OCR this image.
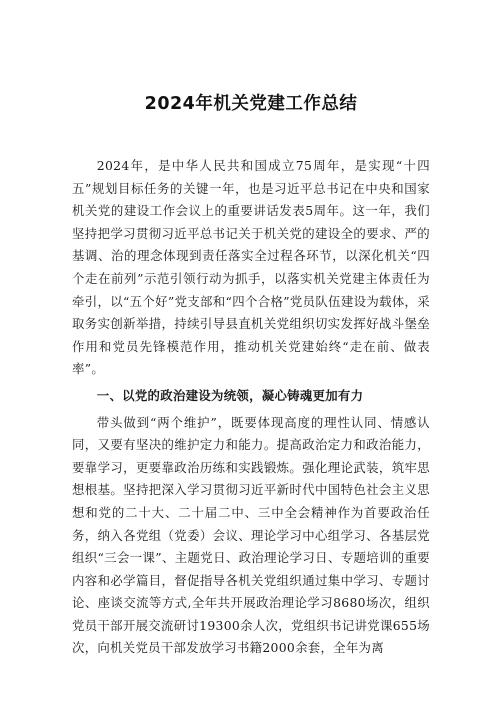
2024年机关党建工作总结

2024年，是中华人民共和国成立75周年，是实现“十四五”规划目标任务的关键一年，也是习近平总书记在中央和国家机关党的建设工作会议上的重要讲话发表5周年。这一年，我们坚持把学习贯彻习近平总书记关于机关党的建设全的要求、严的基调、治的理念体现到责任落实全过程各环节，以深化机关“四个走在前列”示范引领行动为抓手，以落实机关党建主体责任为牵引，以“五个好”党支部和“四个合格”党员队伍建设为载体，采取务实创新举措，持续引导县直机关党组织切实发挥好战斗堡垒作用和党员先锋模范作用，推动机关党建始终“走在前、做表率”。

一、以党的政治建设为统领，凝心铸魂更加有力

带头做到“两个维护”，既要体现高度的理性认同、情感认同，又要有坚决的维护定力和能力。提高政治定力和政治能力，要靠学习，更要靠政治历练和实践锻炼。强化理论武装，筑牢思想根基。坚持把深入学习贯彻习近平新时代中国特色社会主义思想和党的二十大、二十届二中、三中全会精神作为首要政治任务，纳入各党组（党委）会议、理论学习中心组学习、各基层党组织“三会一课”、主题党日、政治理论学习日、专题培训的重要内容和必学篇目，督促指导各机关党组织通过集中学习、专题讨论、座谈交流等方式,全年共开展政治理论学习8680场次，组织党员干部开展交流研讨19300余人次，党组织书记讲党课655场次，向机关党员干部发放学习书籍2000余套，全年为离
